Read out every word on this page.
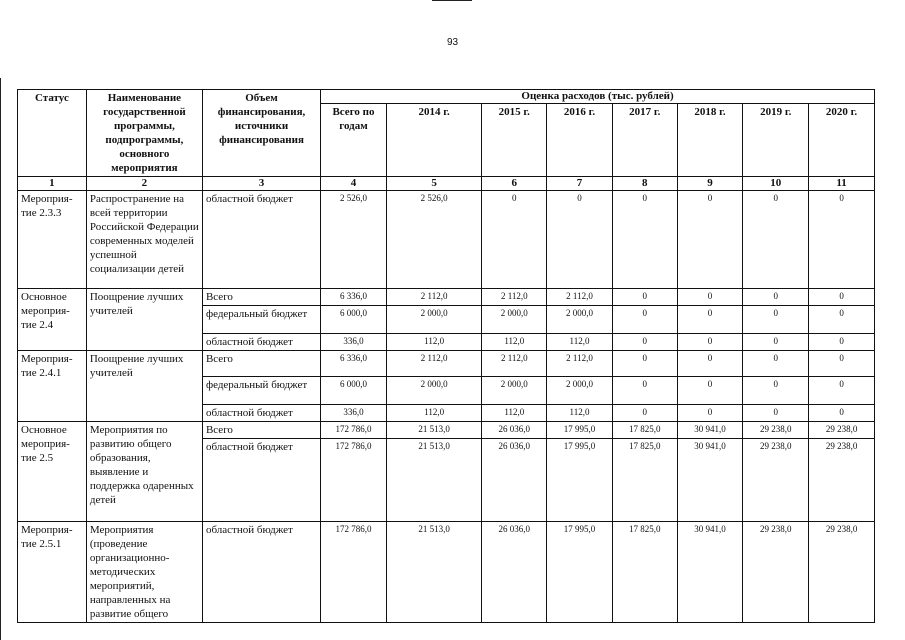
93
Статус	Наименование государственной программы, подпрограммы, основного мероприятия	Объем финансирования, источники финансирования	Оценка расходов (тыс. рублей)							
			Всего по годам	2014 г.	2015 г.	2016 г.	2017 г.	2018 г.	2019 г.	2020 г.
1	2	3	4	5	6	7	8	9	10	11
Мероприя-тие 2.3.3	Распространение на всей территории Российской Федерации современных моделей успешной социализации детей	областной бюджет	2 526,0	2 526,0	0	0	0	0	0	0
Основное мероприя-тие 2.4	Поощрение лучших учителей	Всего	6 336,0	2 112,0	2 112,0	2 112,0	0	0	0	0
		федеральный бюджет	6 000,0	2 000,0	2 000,0	2 000,0	0	0	0	0
		областной бюджет	336,0	112,0	112,0	112,0	0	0	0	0
Мероприя-тие 2.4.1	Поощрение лучших учителей	Всего	6 336,0	2 112,0	2 112,0	2 112,0	0	0	0	0
		федеральный бюджет	6 000,0	2 000,0	2 000,0	2 000,0	0	0	0	0
		областной бюджет	336,0	112,0	112,0	112,0	0	0	0	0
Основное мероприя-тие 2.5	Мероприятия по развитию общего образования, выявление и поддержка одаренных детей	Всего	172 786,0	21 513,0	26 036,0	17 995,0	17 825,0	30 941,0	29 238,0	29 238,0
		областной бюджет	172 786,0	21 513,0	26 036,0	17 995,0	17 825,0	30 941,0	29 238,0	29 238,0
Мероприя-тие 2.5.1	Мероприятия (проведение организационно-методических мероприятий, направленных на развитие общего	областной бюджет	172 786,0	21 513,0	26 036,0	17 995,0	17 825,0	30 941,0	29 238,0	29 238,0
